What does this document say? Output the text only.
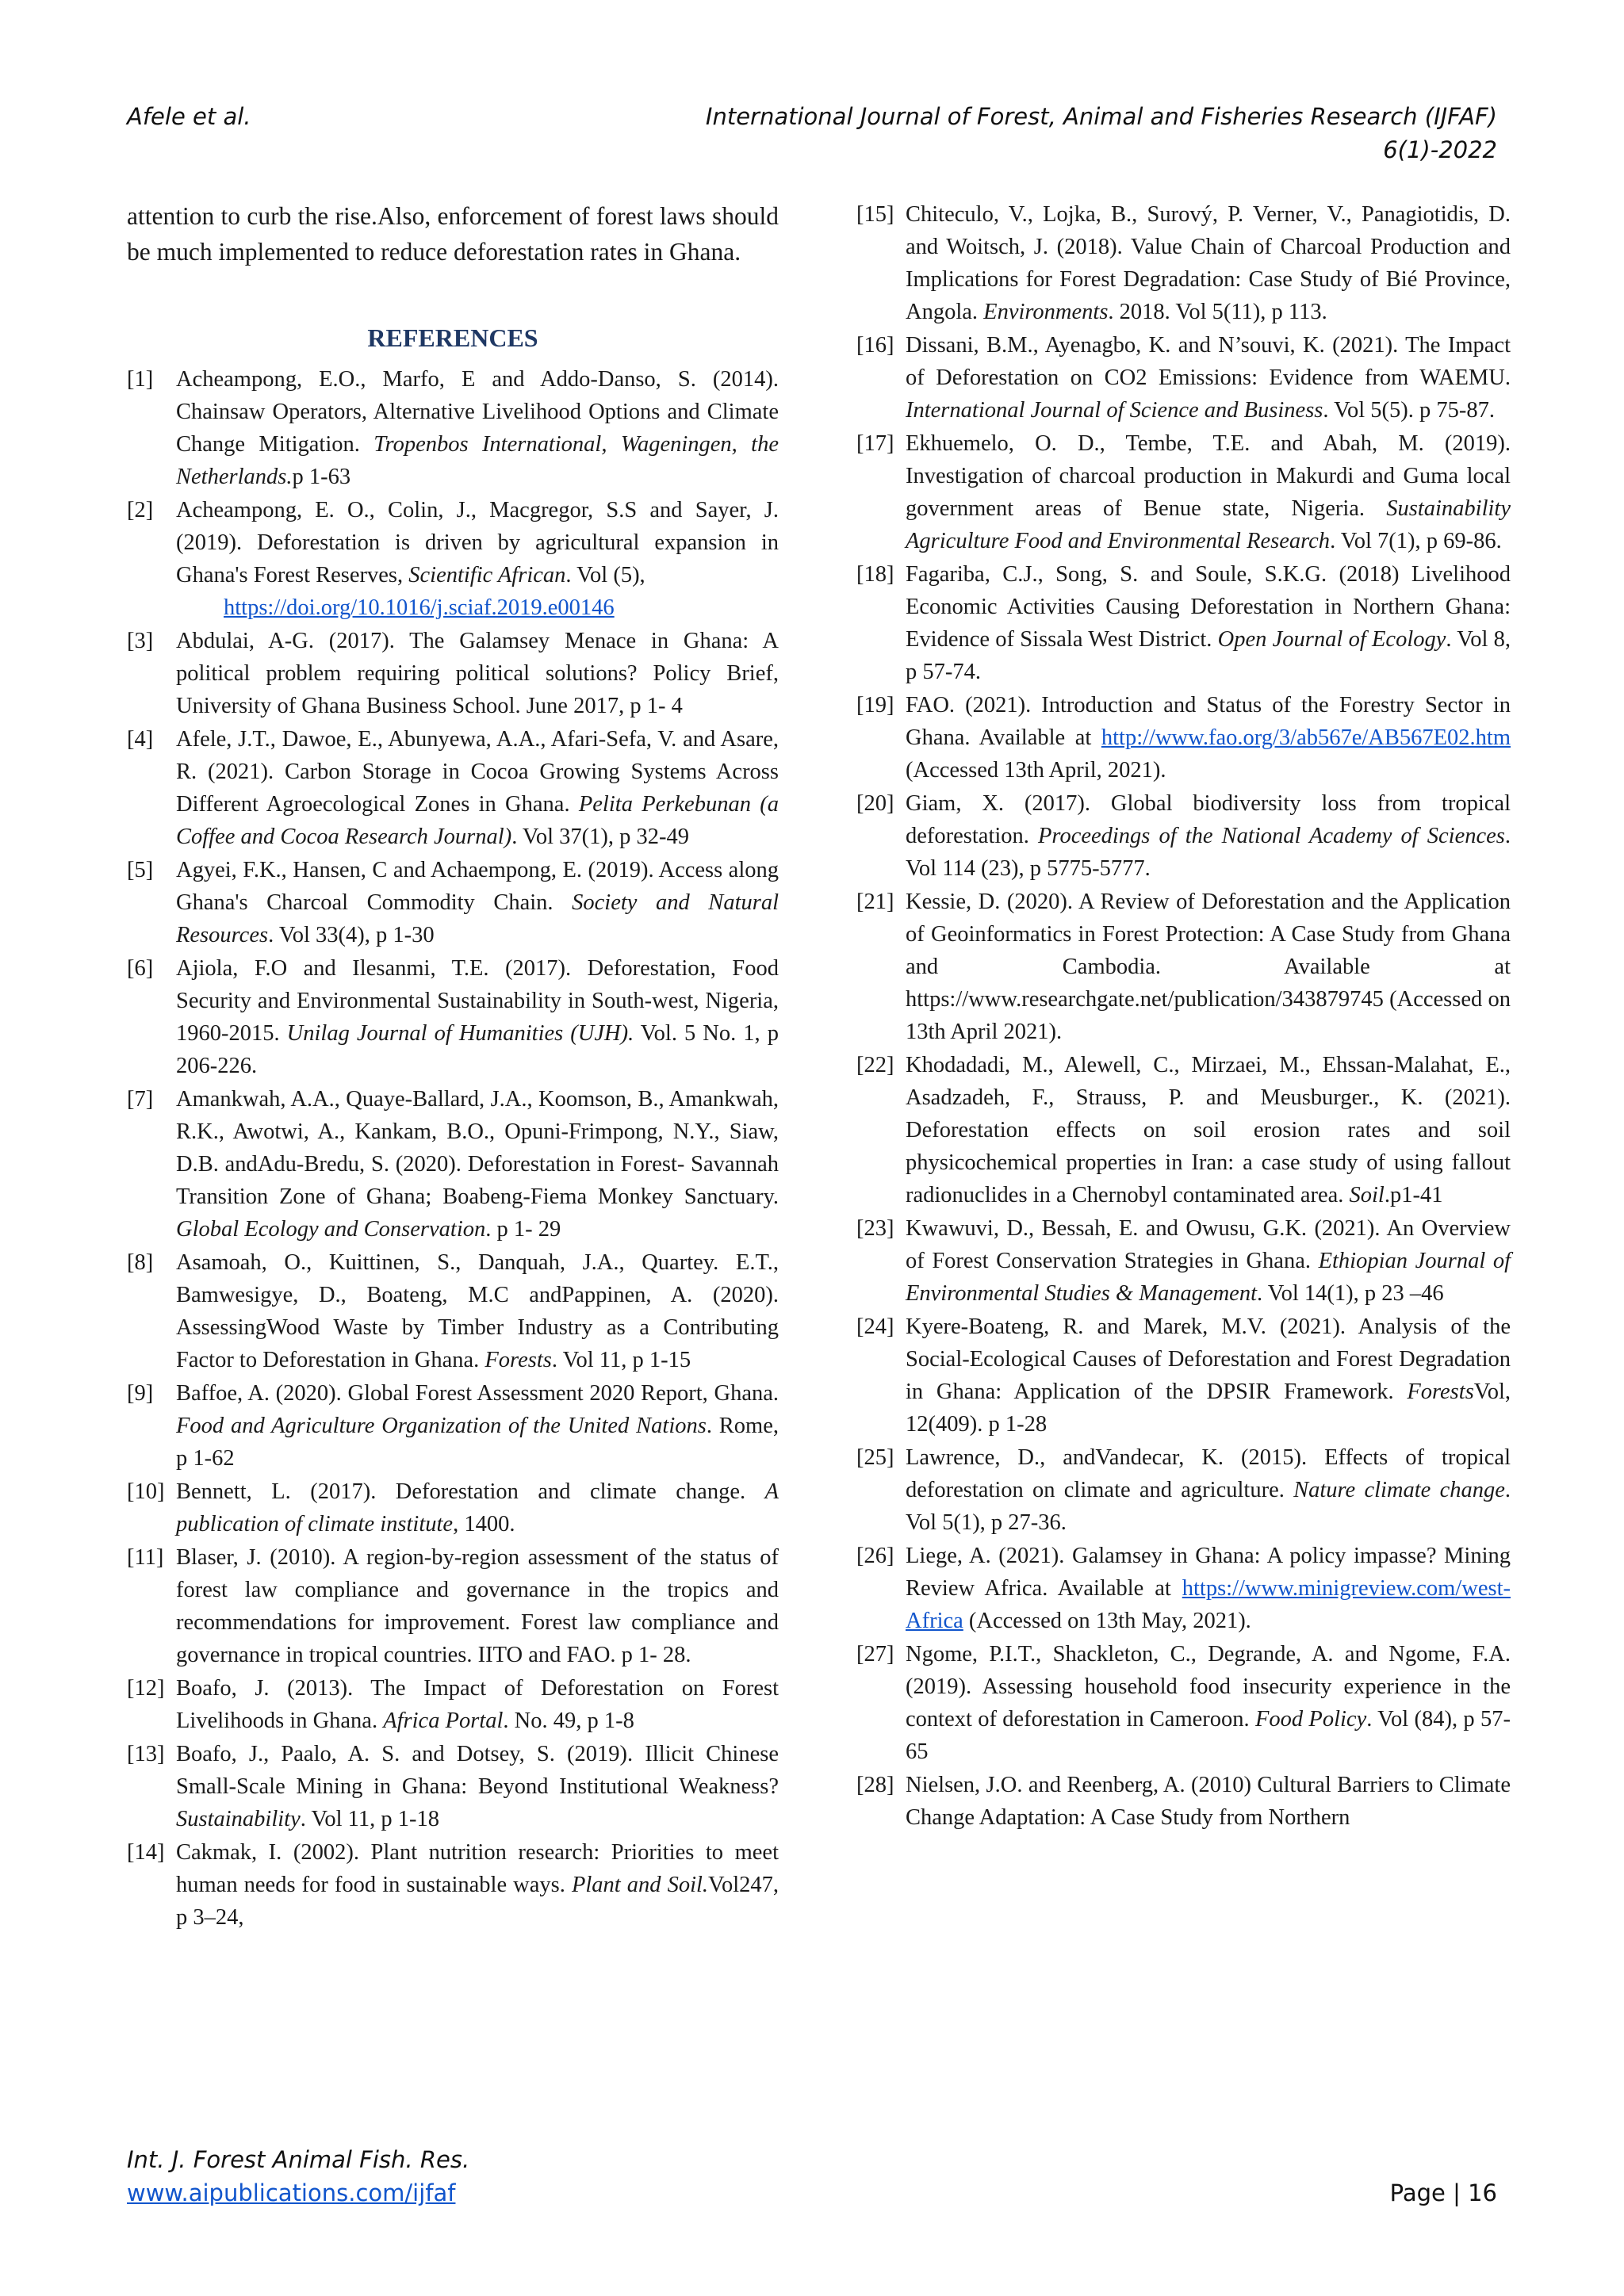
Afele et al.	International Journal of Forest, Animal and Fisheries Research (IJFAF)
6(1)-2022

attention to curb the rise.Also, enforcement of forest laws should be much implemented to reduce deforestation rates in Ghana.

REFERENCES
[1]	Acheampong, E.O., Marfo, E and Addo-Danso, S. (2014). Chainsaw Operators, Alternative Livelihood Options and Climate Change Mitigation. Tropenbos International, Wageningen, the Netherlands.p 1-63
[2]	Acheampong, E. O., Colin, J., Macgregor, S.S and Sayer, J. (2019). Deforestation is driven by agricultural expansion in Ghana's Forest Reserves, Scientific African. Vol (5),
https://doi.org/10.1016/j.sciaf.2019.e00146
[3]	Abdulai, A-G. (2017). The Galamsey Menace in Ghana: A political problem requiring political solutions? Policy Brief, University of Ghana Business School. June 2017, p 1- 4
[4]	Afele, J.T., Dawoe, E., Abunyewa, A.A., Afari-Sefa, V. and Asare, R. (2021). Carbon Storage in Cocoa Growing Systems Across Different Agroecological Zones in Ghana. Pelita Perkebunan (a Coffee and Cocoa Research Journal). Vol 37(1), p 32-49
[5]	Agyei, F.K., Hansen, C and Achaempong, E. (2019). Access along Ghana's Charcoal Commodity Chain. Society and Natural Resources. Vol 33(4), p 1-30
[6]	Ajiola, F.O and Ilesanmi, T.E. (2017). Deforestation, Food Security and Environmental Sustainability in South-west, Nigeria, 1960-2015. Unilag Journal of Humanities (UJH). Vol. 5 No. 1, p 206-226.
[7]	Amankwah, A.A., Quaye-Ballard, J.A., Koomson, B., Amankwah, R.K., Awotwi, A., Kankam, B.O., Opuni-Frimpong, N.Y., Siaw, D.B. andAdu-Bredu, S. (2020). Deforestation in Forest- Savannah Transition Zone of Ghana; Boabeng-Fiema Monkey Sanctuary. Global Ecology and Conservation. p 1- 29
[8]	Asamoah, O., Kuittinen, S., Danquah, J.A., Quartey. E.T., Bamwesigye, D., Boateng, M.C andPappinen, A. (2020). AssessingWood Waste by Timber Industry as a Contributing Factor to Deforestation in Ghana. Forests. Vol 11, p 1-15
[9]	Baffoe, A. (2020). Global Forest Assessment 2020 Report, Ghana. Food and Agriculture Organization of the United Nations. Rome, p 1-62
[10] Bennett, L. (2017). Deforestation and climate change. A publication of climate institute, 1400.
[11] Blaser, J. (2010). A region-by-region assessment of the status of forest law compliance and governance in the tropics and recommendations for improvement. Forest law compliance and governance in tropical countries. IITO and FAO. p 1- 28.
[12] Boafo, J. (2013). The Impact of Deforestation on Forest Livelihoods in Ghana. Africa Portal. No. 49, p 1-8
[13] Boafo, J., Paalo, A. S. and Dotsey, S. (2019). Illicit Chinese Small-Scale Mining in Ghana: Beyond Institutional Weakness? Sustainability. Vol 11, p 1-18
[14] Cakmak, I. (2002). Plant nutrition research: Priorities to meet human needs for food in sustainable ways. Plant and Soil.Vol247, p 3–24,
[15] Chiteculo, V., Lojka, B., Surový, P. Verner, V., Panagiotidis, D. and Woitsch, J. (2018). Value Chain of Charcoal Production and Implications for Forest Degradation: Case Study of Bié Province, Angola. Environments. 2018. Vol 5(11), p 113.
[16] Dissani, B.M., Ayenagbo, K. and N’souvi, K. (2021). The Impact of Deforestation on CO2 Emissions: Evidence from WAEMU. International Journal of Science and Business. Vol 5(5). p 75-87.
[17] Ekhuemelo, O. D., Tembe, T.E. and Abah, M. (2019). Investigation of charcoal production in Makurdi and Guma local government areas of Benue state, Nigeria. Sustainability Agriculture Food and Environmental Research. Vol 7(1), p 69-86.
[18] Fagariba, C.J., Song, S. and Soule, S.K.G. (2018) Livelihood Economic Activities Causing Deforestation in Northern Ghana: Evidence of Sissala West District. Open Journal of Ecology. Vol 8, p 57-74.
[19] FAO. (2021). Introduction and Status of the Forestry Sector in Ghana. Available at http://www.fao.org/3/ab567e/AB567E02.htm (Accessed 13th April, 2021).
[20] Giam, X. (2017). Global biodiversity loss from tropical deforestation. Proceedings of the National Academy of Sciences. Vol 114 (23), p 5775-5777.
[21] Kessie, D. (2020). A Review of Deforestation and the Application of Geoinformatics in Forest Protection: A Case Study from Ghana and Cambodia. Available at https://www.researchgate.net/publication/343879745 (Accessed on 13th April 2021).
[22] Khodadadi, M., Alewell, C., Mirzaei, M., Ehssan-Malahat, E., Asadzadeh, F., Strauss, P. and Meusburger., K. (2021). Deforestation effects on soil erosion rates and soil physicochemical properties in Iran: a case study of using fallout radionuclides in a Chernobyl contaminated area. Soil.p1-41
[23] Kwawuvi, D., Bessah, E. and Owusu, G.K. (2021). An Overview of Forest Conservation Strategies in Ghana. Ethiopian Journal of Environmental Studies & Management. Vol 14(1), p 23 –46
[24] Kyere-Boateng, R. and Marek, M.V. (2021). Analysis of the Social-Ecological Causes of Deforestation and Forest Degradation in Ghana: Application of the DPSIR Framework. ForestsVol, 12(409). p 1-28
[25] Lawrence, D., andVandecar, K. (2015). Effects of tropical deforestation on climate and agriculture. Nature climate change. Vol 5(1), p 27-36.
[26] Liege, A. (2021). Galamsey in Ghana: A policy impasse? Mining Review Africa. Available at https://www.minigreview.com/west-Africa (Accessed on 13th May, 2021).
[27] Ngome, P.I.T., Shackleton, C., Degrande, A. and Ngome, F.A. (2019). Assessing household food insecurity experience in the context of deforestation in Cameroon. Food Policy. Vol (84), p 57-65
[28] Nielsen, J.O. and Reenberg, A. (2010) Cultural Barriers to Climate Change Adaptation: A Case Study from Northern
Int. J. Forest Animal Fish. Res.
www.aipublications.com/ijfaf	Page | 16
